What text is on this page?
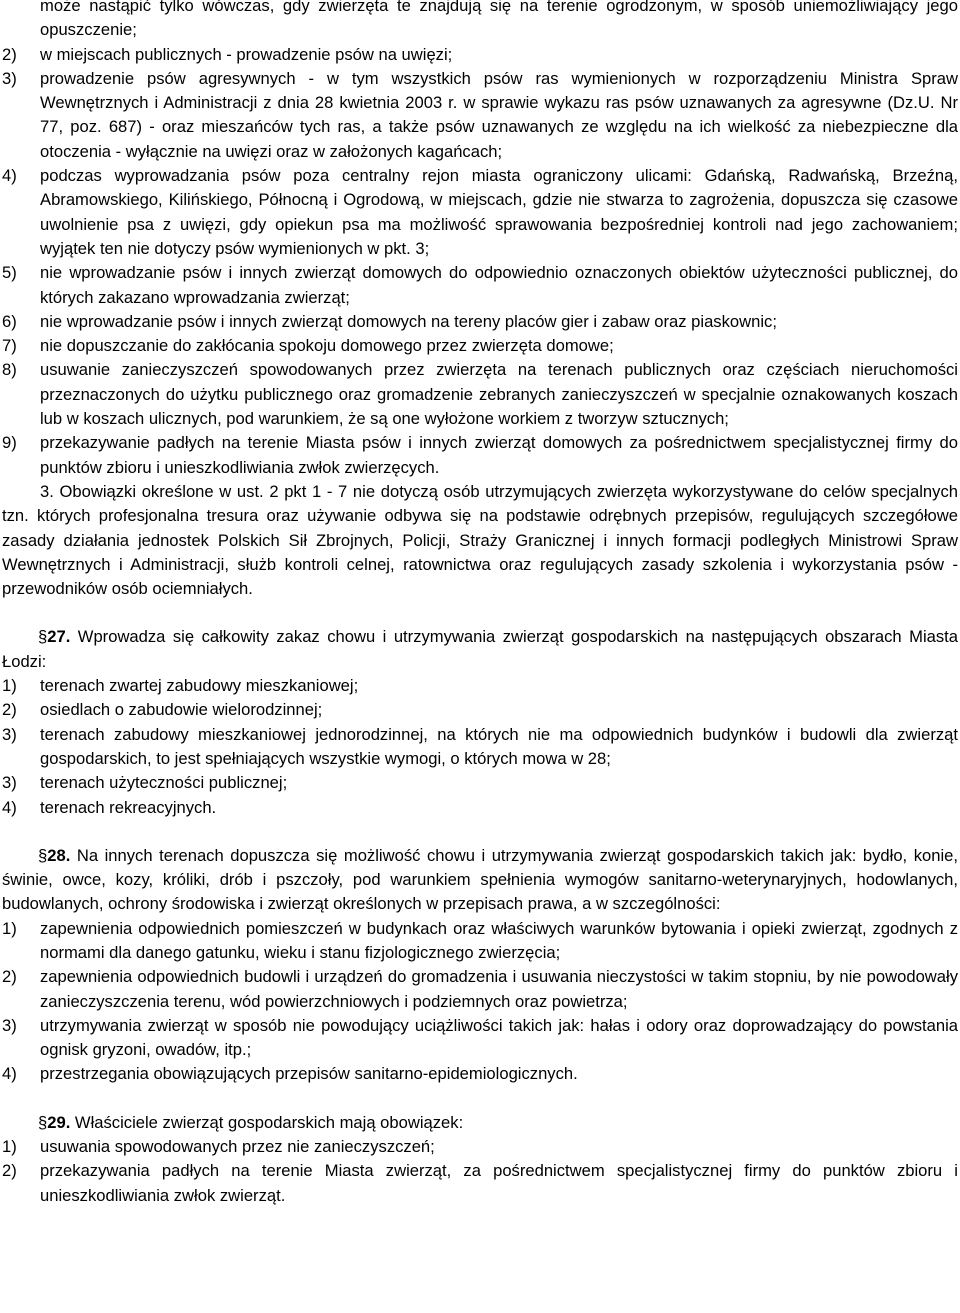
może nastąpić tylko wówczas, gdy zwierzęta te znajdują się na terenie ogrodzonym, w sposób uniemożliwiający jego opuszczenie;

2)	w miejscach publicznych - prowadzenie psów na uwięzi;
3)	prowadzenie psów agresywnych - w tym wszystkich psów ras wymienionych w rozporządzeniu Ministra Spraw Wewnętrznych i Administracji z dnia 28 kwietnia 2003 r. w sprawie wykazu ras psów uznawanych za agresywne (Dz.U. Nr 77, poz. 687) - oraz mieszańców tych ras, a także psów uznawanych ze względu na ich wielkość za niebezpieczne dla otoczenia - wyłącznie na uwięzi oraz w założonych kagańcach;
4)	podczas wyprowadzania psów poza centralny rejon miasta ograniczony ulicami: Gdańską, Radwańską, Brzeźną, Abramowskiego, Kilińskiego, Północną i Ogrodową, w miejscach, gdzie nie stwarza to zagrożenia, dopuszcza się czasowe uwolnienie psa z uwięzi, gdy opiekun psa ma możliwość sprawowania bezpośredniej kontroli nad jego zachowaniem; wyjątek ten nie dotyczy psów wymienionych w pkt. 3;
5)	nie wprowadzanie psów i innych zwierząt domowych do odpowiednio oznaczonych obiektów użyteczności publicznej, do których zakazano wprowadzania zwierząt;
6)	nie wprowadzanie psów i innych zwierząt domowych na tereny placów gier i zabaw oraz piaskownic;
7)	nie dopuszczanie do zakłócania spokoju domowego przez zwierzęta domowe;
8)	usuwanie zanieczyszczeń spowodowanych przez zwierzęta na terenach publicznych oraz częściach nieruchomości przeznaczonych do użytku publicznego oraz gromadzenie zebranych zanieczyszczeń w specjalnie oznakowanych koszach lub w koszach ulicznych, pod warunkiem, że są one wyłożone workiem z tworzyw sztucznych;
9)	przekazywanie padłych na terenie Miasta psów i innych zwierząt domowych za pośrednictwem specjalistycznej firmy do punktów zbioru i unieszkodliwiania zwłok zwierzęcych.

3. Obowiązki określone w ust. 2 pkt 1 - 7 nie dotyczą osób utrzymujących zwierzęta wykorzystywane do celów specjalnych tzn. których profesjonalna tresura oraz używanie odbywa się na podstawie odrębnych przepisów, regulujących szczegółowe zasady działania jednostek Polskich Sił Zbrojnych, Policji, Straży Granicznej i innych formacji podległych Ministrowi Spraw Wewnętrznych i Administracji, służb kontroli celnej, ratownictwa oraz regulujących zasady szkolenia i wykorzystania psów - przewodników osób ociemniałych.

§27. Wprowadza się całkowity zakaz chowu i utrzymywania zwierząt gospodarskich na następujących obszarach Miasta Łodzi:

1)	terenach zwartej zabudowy mieszkaniowej;
2)	osiedlach o zabudowie wielorodzinnej;
3)	terenach zabudowy mieszkaniowej jednorodzinnej, na których nie ma odpowiednich budynków i budowli dla zwierząt gospodarskich, to jest spełniających wszystkie wymogi, o których mowa w 28;
3)	terenach użyteczności publicznej;
4)	terenach rekreacyjnych.

§28. Na innych terenach dopuszcza się możliwość chowu i utrzymywania zwierząt gospodarskich takich jak: bydło, konie, świnie, owce, kozy, króliki, drób i pszczoły, pod warunkiem spełnienia wymogów sanitarno-weterynaryjnych, hodowlanych, budowlanych, ochrony środowiska i zwierząt określonych w przepisach prawa, a w szczególności:

1)	zapewnienia odpowiednich pomieszczeń w budynkach oraz właściwych warunków bytowania i opieki zwierząt, zgodnych z normami dla danego gatunku, wieku i stanu fizjologicznego zwierzęcia;
2)	zapewnienia odpowiednich budowli i urządzeń do gromadzenia i usuwania nieczystości w takim stopniu, by nie powodowały zanieczyszczenia terenu, wód powierzchniowych i podziemnych oraz powietrza;
3)	utrzymywania zwierząt w sposób nie powodujący uciążliwości takich jak: hałas i odory oraz doprowadzający do powstania ognisk gryzoni, owadów, itp.;
4)	przestrzegania obowiązujących przepisów sanitarno-epidemiologicznych.

§29. Właściciele zwierząt gospodarskich mają obowiązek:

1)	usuwania spowodowanych przez nie zanieczyszczeń;
2)	przekazywania padłych na terenie Miasta zwierząt, za pośrednictwem specjalistycznej firmy do punktów zbioru i unieszkodliwiania zwłok zwierząt.
